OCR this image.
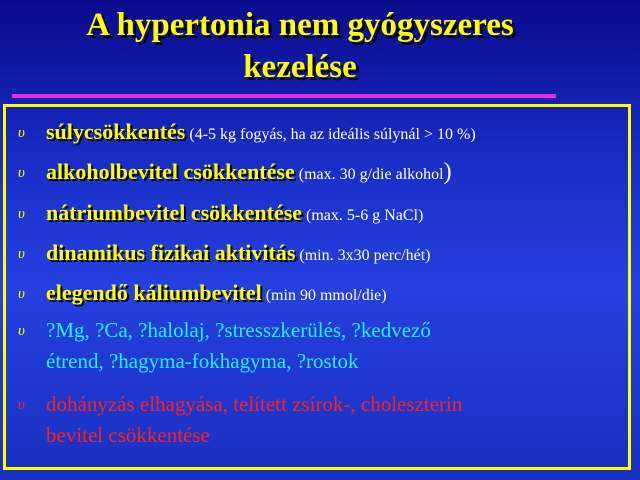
A hypertonia nem gyógyszeres
kezelése
υ súlycsökkentés (4-5 kg fogyás, ha az ideális súlynál > 10 %)
υ alkoholbevitel csökkentése (max. 30 g/die alkohol)
υ nátriumbevitel csökkentése (max. 5-6 g NaCl)
υ dinamikus fizikai aktivitás (min. 3x30 perc/hét)
υ elegendő káliumbevitel (min 90 mmol/die)
υ ?Mg, ?Ca, ?halolaj, ?stresszkerülés, ?kedvező
étrend, ?hagyma-fokhagyma, ?rostok
υ dohányzás elhagyása, telített zsírok-, choleszterin
bevitel csökkentése
